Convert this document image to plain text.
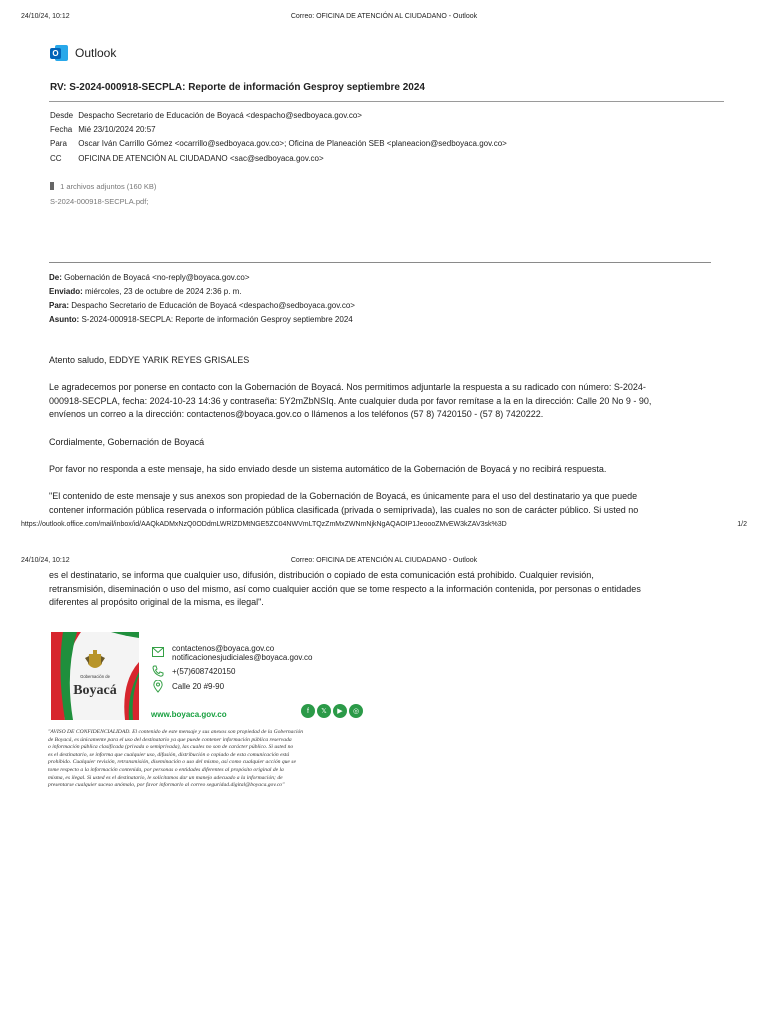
24/10/24, 10:12	Correo: OFICINA DE ATENCIÓN AL CIUDADANO - Outlook
O Outlook
RV: S-2024-000918-SECPLA: Reporte de información Gesproy septiembre 2024
Desde Despacho Secretario de Educación de Boyacá <despacho@sedboyaca.gov.co>
Fecha Mié 23/10/2024 20:57
Para Oscar Iván Carrillo Gómez <ocarrillo@sedboyaca.gov.co>; Oficina de Planeación SEB <planeacion@sedboyaca.gov.co>
CC OFICINA DE ATENCIÓN AL CIUDADANO <sac@sedboyaca.gov.co>
1 archivos adjuntos (160 KB)
S-2024-000918-SECPLA.pdf;
De: Gobernación de Boyacá <no-reply@boyaca.gov.co>
Enviado: miércoles, 23 de octubre de 2024 2:36 p. m.
Para: Despacho Secretario de Educación de Boyacá <despacho@sedboyaca.gov.co>
Asunto: S-2024-000918-SECPLA: Reporte de información Gesproy septiembre 2024
Atento saludo, EDDYE YARIK REYES GRISALES
Le agradecemos por ponerse en contacto con la Gobernación de Boyacá. Nos permitimos adjuntarle la respuesta a su radicado con número: S-2024-
000918-SECPLA, fecha: 2024-10-23 14:36 y contraseña: 5Y2mZbNSIq. Ante cualquier duda por favor remítase a la en la dirección: Calle 20 No 9 - 90,
envíenos un correo a la dirección: contactenos@boyaca.gov.co o llámenos a los teléfonos (57 8) 7420150 - (57 8) 7420222.
Cordialmente, Gobernación de Boyacá
Por favor no responda a este mensaje, ha sido enviado desde un sistema automático de la Gobernación de Boyacá y no recibirá respuesta.
"El contenido de este mensaje y sus anexos son propiedad de la Gobernación de Boyacá, es únicamente para el uso del destinatario ya que puede
contener información pública reservada o información pública clasificada (privada o semiprivada), las cuales no son de carácter público. Si usted no
https://outlook.office.com/mail/inbox/id/AAQkADMxNzQ0ODdmLWRlZDMtNGE5ZC04NWVmLTQzZmMxZWNmNjkNgAQAOIP1JeoooZMvEW3kZAV3sk%3D	1/2
24/10/24, 10:12	Correo: OFICINA DE ATENCIÓN AL CIUDADANO - Outlook
es el destinatario, se informa que cualquier uso, difusión, distribución o copiado de esta comunicación está prohibido. Cualquier revisión,
retransmisión, diseminación o uso del mismo, así como cualquier acción que se tome respecto a la información contenida, por personas o entidades
diferentes al propósito original de la misma, es ilegal".
Gobernación de
Boyacá
contactenos@boyaca.gov.co
notificacionesjudiciales@boyaca.gov.co
+(57)6087420150
Calle 20 #9-90
www.boyaca.gov.co	f	𝕏	▶	◎
"AVISO DE CONFIDENCIALIDAD. El contenido de este mensaje y sus anexos son propiedad de la Gobernación
de Boyacá, es únicamente para el uso del destinatario ya que puede contener información pública reservada
o información pública clasificada (privada o semiprivada), las cuales no son de carácter público. Si usted no
es el destinatario, se informa que cualquier uso, difusión, distribución o copiado de esta comunicación está
prohibido. Cualquier revisión, retransmisión, diseminación o uso del mismo, así como cualquier acción que se
tome respecto a la información contenida, por personas o entidades diferentes al propósito original de la
misma, es ilegal. Si usted es el destinatario, le solicitamos dar un manejo adecuado a la información; de
presentarse cualquier suceso anómalo, por favor informarlo al correo seguridad.digital@boyaca.gov.co"
